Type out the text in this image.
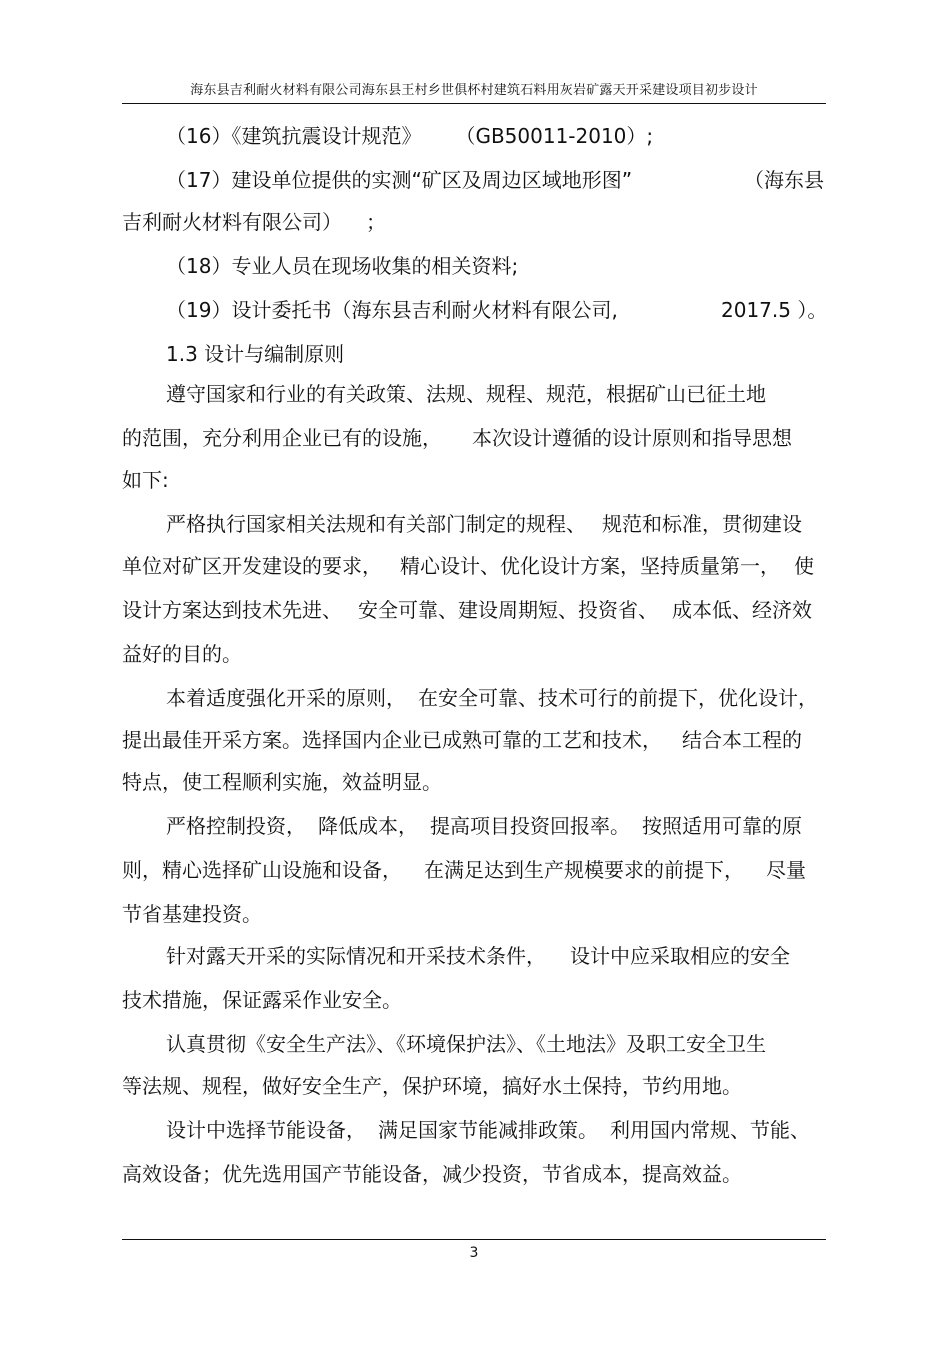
海东县吉利耐火材料有限公司海东县王村乡世俱杯村建筑石料用灰岩矿露天开采建设项目初步设计
（16）《建筑抗震设计规范》 （GB50011-2010）;
（17）建设单位提供的实测“矿区及周边区域地形图”	（海东县
吉利耐火材料有限公司） ；
（18）专业人员在现场收集的相关资料;
（19）设计委托书（海东县吉利耐火材料有限公司,	2017.5 ）。
1.3 设计与编制原则
遵守国家和行业的有关政策、法规、规程、规范，根据矿山已征土地
的范围，充分利用企业已有的设施， 本次设计遵循的设计原则和指导思想
如下:
严格执行国家相关法规和有关部门制定的规程、 规范和标准，贯彻建设
单位对矿区开发建设的要求， 精心设计、优化设计方案，坚持质量第一， 使
设计方案达到技术先进、 安全可靠、建设周期短、投资省、 成本低、经济效
益好的目的。
本着适度强化开采的原则， 在安全可靠、技术可行的前提下，优化设计，
提出最佳开采方案。选择国内企业已成熟可靠的工艺和技术， 结合本工程的
特点，使工程顺利实施，效益明显。
严格控制投资， 降低成本， 提高项目投资回报率。 按照适用可靠的原
则，精心选择矿山设施和设备， 在满足达到生产规模要求的前提下， 尽量
节省基建投资。
针对露天开采的实际情况和开采技术条件， 设计中应采取相应的安全
技术措施，保证露采作业安全。
认真贯彻《安全生产法》、《环境保护法》、《土地法》及职工安全卫生
等法规、规程，做好安全生产，保护环境，搞好水土保持，节约用地。
设计中选择节能设备， 满足国家节能减排政策。 利用国内常规、节能、
高效设备；优先选用国产节能设备，减少投资，节省成本，提高效益。
3
